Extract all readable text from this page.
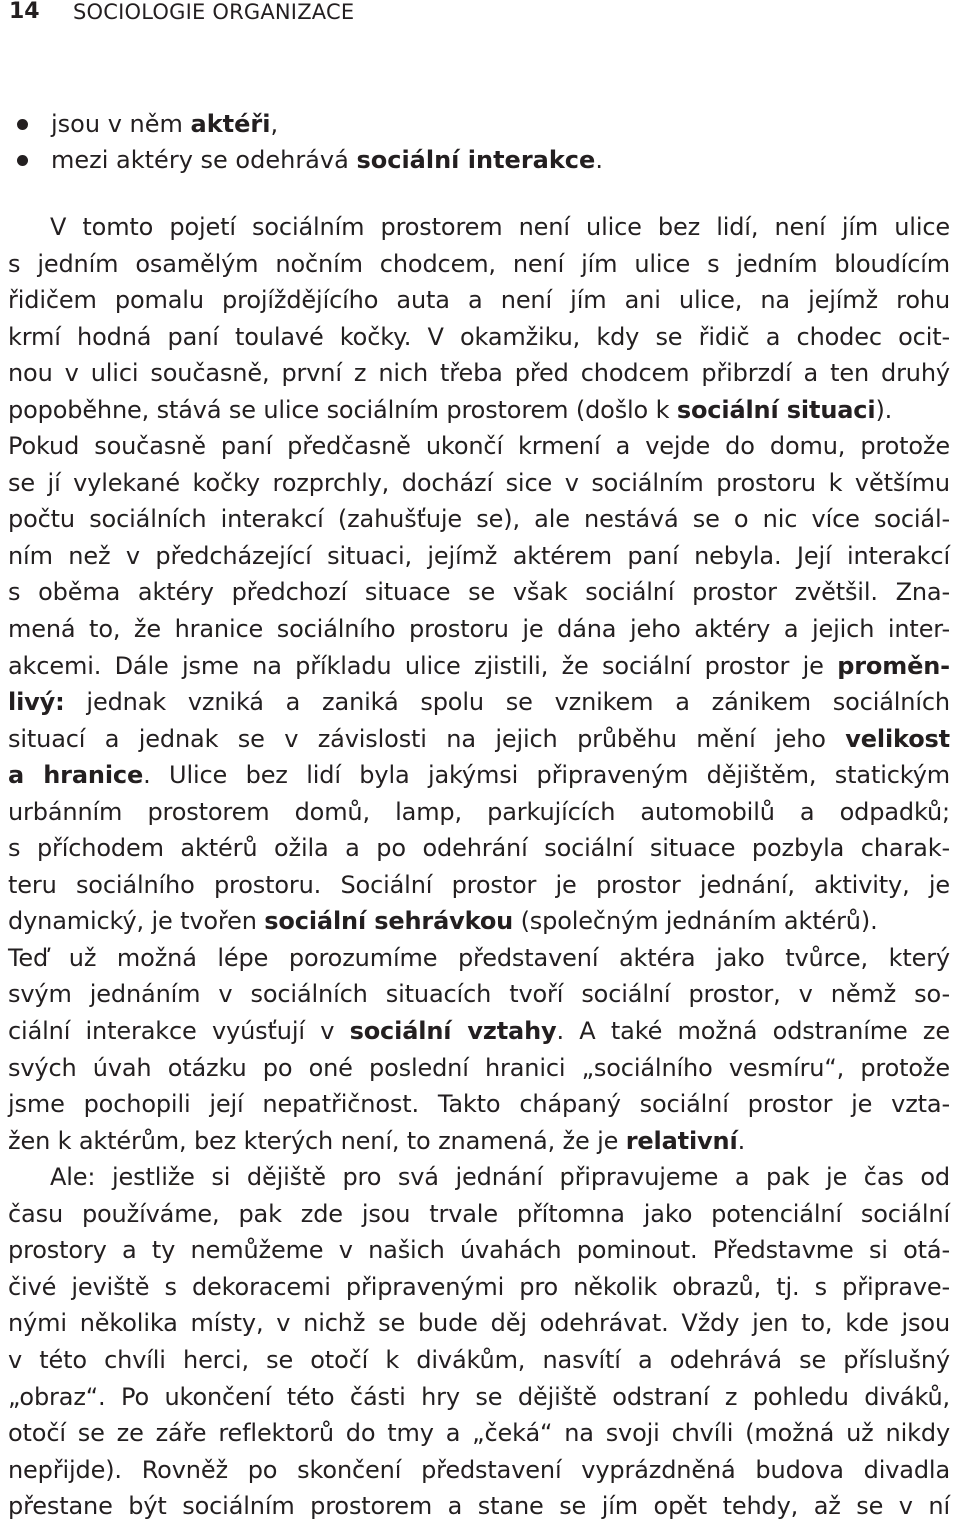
14 SOCIOLOGIE ORGANIZACE
jsou v něm aktéři,
mezi aktéry se odehrává sociální interakce.
V tomto pojetí sociálním prostorem není ulice bez lidí, není jím ulice
s jedním osamělým nočním chodcem, není jím ulice s jedním bloudícím
řidičem pomalu projíždějícího auta a není jím ani ulice, na jejímž rohu
krmí hodná paní toulavé kočky. V okamžiku, kdy se řidič a chodec ocit-
nou v ulici současně, první z nich třeba před chodcem přibrzdí a ten druhý
popoběhne, stává se ulice sociálním prostorem (došlo k sociální situaci).
Pokud současně paní předčasně ukončí krmení a vejde do domu, protože
se jí vylekané kočky rozprchly, dochází sice v sociálním prostoru k většímu
počtu sociálních interakcí (zahušťuje se), ale nestává se o nic více sociál-
ním než v předcházející situaci, jejímž aktérem paní nebyla. Její interakcí
s oběma aktéry předchozí situace se však sociální prostor zvětšil. Zna-
mená to, že hranice sociálního prostoru je dána jeho aktéry a jejich inter-
akcemi. Dále jsme na příkladu ulice zjistili, že sociální prostor je proměn-
livý: jednak vzniká a zaniká spolu se vznikem a zánikem sociálních
situací a jednak se v závislosti na jejich průběhu mění jeho velikost
a hranice. Ulice bez lidí byla jakýmsi připraveným dějištěm, statickým
urbánním prostorem domů, lamp, parkujících automobilů a odpadků;
s příchodem aktérů ožila a po odehrání sociální situace pozbyla charak-
teru sociálního prostoru. Sociální prostor je prostor jednání, aktivity, je
dynamický, je tvořen sociální sehrávkou (společným jednáním aktérů).
Teď už možná lépe porozumíme představení aktéra jako tvůrce, který
svým jednáním v sociálních situacích tvoří sociální prostor, v němž so-
ciální interakce vyúsťují v sociální vztahy. A také možná odstraníme ze
svých úvah otázku po oné poslední hranici „sociálního vesmíru“, protože
jsme pochopili její nepatřičnost. Takto chápaný sociální prostor je vzta-
žen k aktérům, bez kterých není, to znamená, že je relativní.
Ale: jestliže si dějiště pro svá jednání připravujeme a pak je čas od
času používáme, pak zde jsou trvale přítomna jako potenciální sociální
prostory a ty nemůžeme v našich úvahách pominout. Představme si otá-
čivé jeviště s dekoracemi připravenými pro několik obrazů, tj. s připrave-
nými několika místy, v nichž se bude děj odehrávat. Vždy jen to, kde jsou
v této chvíli herci, se otočí k divákům, nasvítí a odehrává se příslušný
„obraz“. Po ukončení této části hry se dějiště odstraní z pohledu diváků,
otočí se ze záře reflektorů do tmy a „čeká“ na svoji chvíli (možná už nikdy
nepřijde). Rovněž po skončení představení vyprázdněná budova divadla
přestane být sociálním prostorem a stane se jím opět tehdy, až se v ní
